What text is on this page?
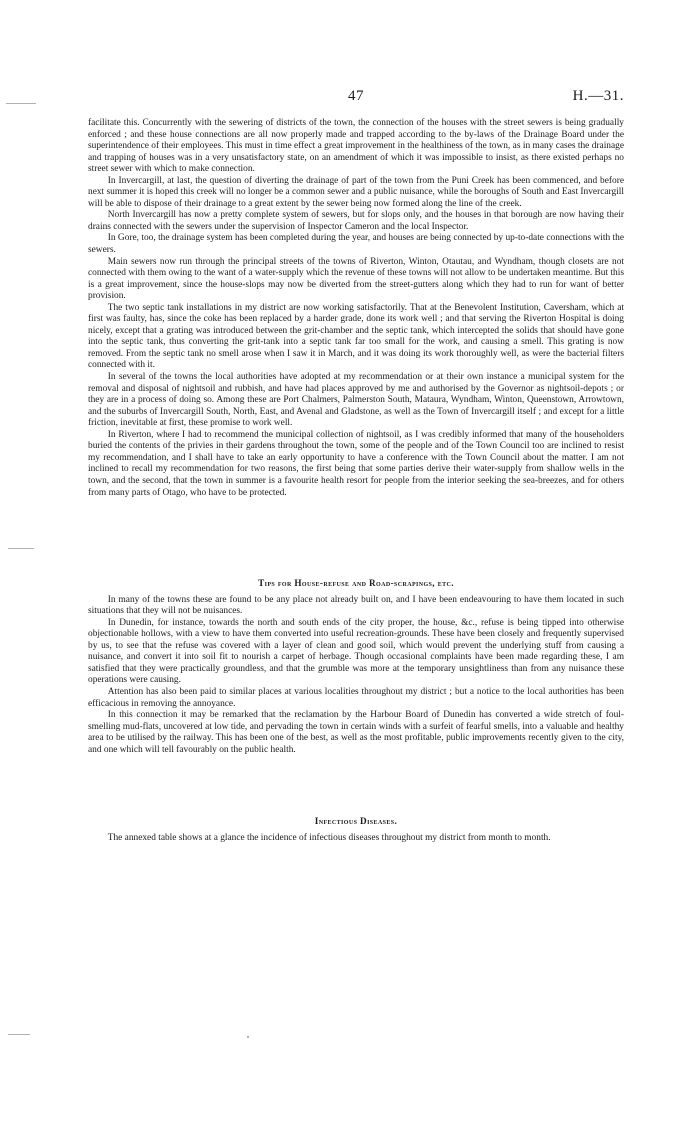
47	H.—31.

facilitate this. Concurrently with the sewering of districts of the town, the connection of the houses with the street sewers is being gradually enforced ; and these house connections are all now properly made and trapped according to the by-laws of the Drainage Board under the superintendence of their employees. This must in time effect a great improvement in the healthiness of the town, as in many cases the drainage and trapping of houses was in a very unsatisfactory state, on an amendment of which it was impossible to insist, as there existed perhaps no street sewer with which to make connection.

In Invercargill, at last, the question of diverting the drainage of part of the town from the Puni Creek has been commenced, and before next summer it is hoped this creek will no longer be a common sewer and a public nuisance, while the boroughs of South and East Invercargill will be able to dispose of their drainage to a great extent by the sewer being now formed along the line of the creek.

North Invercargill has now a pretty complete system of sewers, but for slops only, and the houses in that borough are now having their drains connected with the sewers under the supervision of Inspector Cameron and the local Inspector.

In Gore, too, the drainage system has been completed during the year, and houses are being connected by up-to-date connections with the sewers.

Main sewers now run through the principal streets of the towns of Riverton, Winton, Otautau, and Wyndham, though closets are not connected with them owing to the want of a water-supply which the revenue of these towns will not allow to be undertaken meantime. But this is a great improvement, since the house-slops may now be diverted from the street-gutters along which they had to run for want of better provision.

The two septic tank installations in my district are now working satisfactorily. That at the Benevolent Institution, Caversham, which at first was faulty, has, since the coke has been replaced by a harder grade, done its work well ; and that serving the Riverton Hospital is doing nicely, except that a grating was introduced between the grit-chamber and the septic tank, which intercepted the solids that should have gone into the septic tank, thus converting the grit-tank into a septic tank far too small for the work, and causing a smell. This grating is now removed. From the septic tank no smell arose when I saw it in March, and it was doing its work thoroughly well, as were the bacterial filters connected with it.

In several of the towns the local authorities have adopted at my recommendation or at their own instance a municipal system for the removal and disposal of nightsoil and rubbish, and have had places approved by me and authorised by the Governor as nightsoil-depots ; or they are in a process of doing so. Among these are Port Chalmers, Palmerston South, Mataura, Wyndham, Winton, Queenstown, Arrowtown, and the suburbs of Invercargill South, North, East, and Avenal and Gladstone, as well as the Town of Invercargill itself ; and except for a little friction, inevitable at first, these promise to work well.

In Riverton, where I had to recommend the municipal collection of nightsoil, as I was credibly informed that many of the householders buried the contents of the privies in their gardens throughout the town, some of the people and of the Town Council too are inclined to resist my recommendation, and I shall have to take an early opportunity to have a conference with the Town Council about the matter. I am not inclined to recall my recommendation for two reasons, the first being that some parties derive their water-supply from shallow wells in the town, and the second, that the town in summer is a favourite health resort for people from the interior seeking the sea-breezes, and for others from many parts of Otago, who have to be protected.

Tips for House-refuse and Road-scrapings, etc.

In many of the towns these are found to be any place not already built on, and I have been endeavouring to have them located in such situations that they will not be nuisances.

In Dunedin, for instance, towards the north and south ends of the city proper, the house, &c., refuse is being tipped into otherwise objectionable hollows, with a view to have them converted into useful recreation-grounds. These have been closely and frequently supervised by us, to see that the refuse was covered with a layer of clean and good soil, which would prevent the underlying stuff from causing a nuisance, and convert it into soil fit to nourish a carpet of herbage. Though occasional complaints have been made regarding these, I am satisfied that they were practically groundless, and that the grumble was more at the temporary unsightliness than from any nuisance these operations were causing.

Attention has also been paid to similar places at various localities throughout my district ; but a notice to the local authorities has been efficacious in removing the annoyance.

In this connection it may be remarked that the reclamation by the Harbour Board of Dunedin has converted a wide stretch of foul-smelling mud-flats, uncovered at low tide, and pervading the town in certain winds with a surfeit of fearful smells, into a valuable and healthy area to be utilised by the railway. This has been one of the best, as well as the most profitable, public improvements recently given to the city, and one which will tell favourably on the public health.

Infectious Diseases.

The annexed table shows at a glance the incidence of infectious diseases throughout my district from month to month.
